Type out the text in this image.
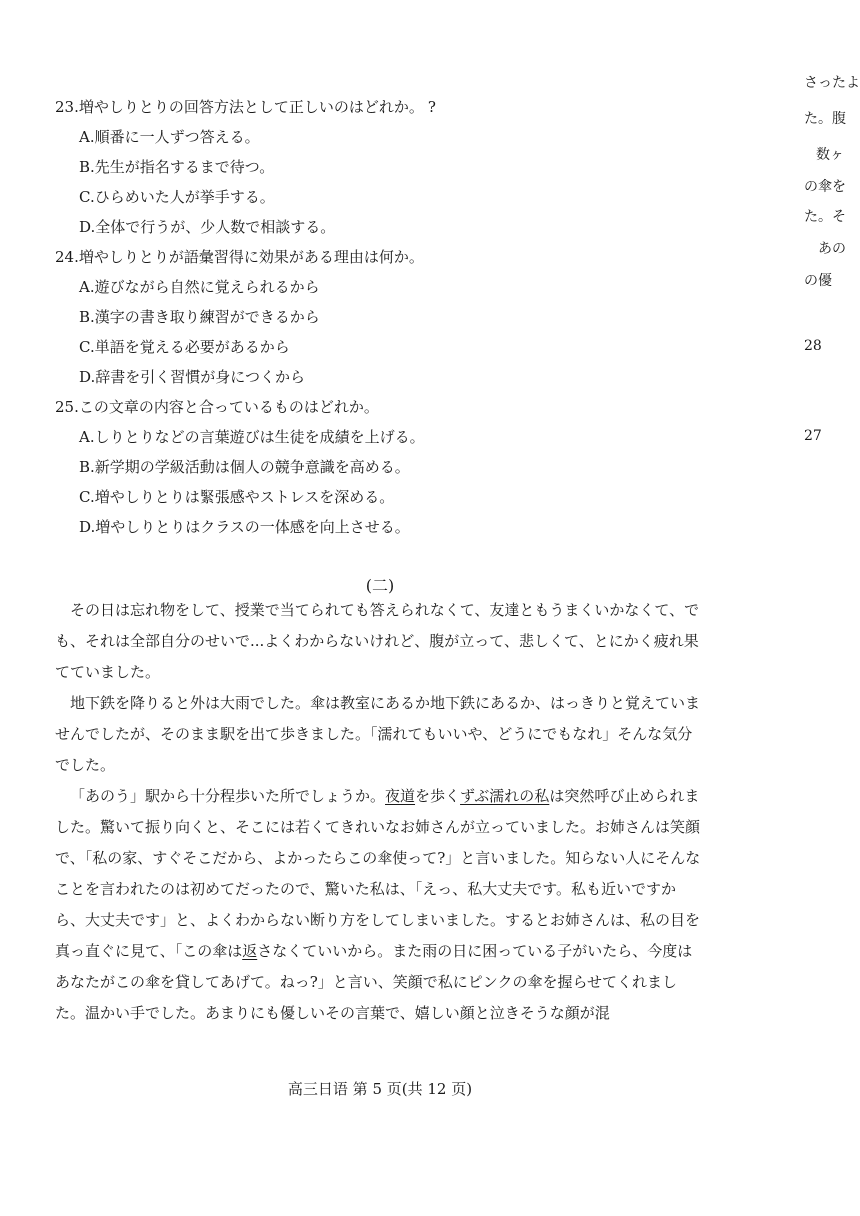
23.増やしりとりの回答方法として正しいのはどれか。 ?
A.順番に一人ずつ答える。
B.先生が指名するまで待つ。
C.ひらめいた人が挙手する。
D.全体で行うが、少人数で相談する。
24.増やしりとりが語彙習得に効果がある理由は何か。
A.遊びながら自然に覚えられるから
B.漢字の書き取り練習ができるから
C.単語を覚える必要があるから
D.辞書を引く習慣が身につくから
25.この文章の内容と合っているものはどれか。
A.しりとりなどの言葉遊びは生徒を成績を上げる。
B.新学期の学級活動は個人の競争意識を高める。
C.増やしりとりは緊張感やストレスを深める。
D.増やしりとりはクラスの一体感を向上させる。
さったよ
た。腹
数ヶ
の傘を
た。そ
あの
の優
28
27
(二)

その日は忘れ物をして、授業で当てられても答えられなくて、友達ともうまくいかなくて、でも、それは全部自分のせいで...よくわからないけれど、腹が立って、悲しくて、とにかく疲れ果てていました。

地下鉄を降りると外は大雨でした。傘は教室にあるか地下鉄にあるか、はっきりと覚えていませんでしたが、そのまま駅を出て歩きました。「濡れてもいいや、どうにでもなれ」そんな気分でした。

「あのう」駅から十分程歩いた所でしょうか。夜道を歩くずぶ濡れの私は突然呼び止められました。驚いて振り向くと、そこには若くてきれいなお姉さんが立っていました。お姉さんは笑顔で、「私の家、すぐそこだから、よかったらこの傘使って?」と言いました。知らない人にそんなことを言われたのは初めてだったので、驚いた私は、「えっ、私大丈夫です。私も近いですから、大丈夫です」と、よくわからない断り方をしてしまいました。するとお姉さんは、私の目を真っ直ぐに見て、「この傘は返さなくていいから。また雨の日に困っている子がいたら、今度はあなたがこの傘を貸してあげて。ねっ?」と言い、笑顔で私にピンクの傘を握らせてくれました。温かい手でした。あまりにも優しいその言葉で、嬉しい顔と泣きそうな顔が混

高三日语 第 5 页(共 12 页)
